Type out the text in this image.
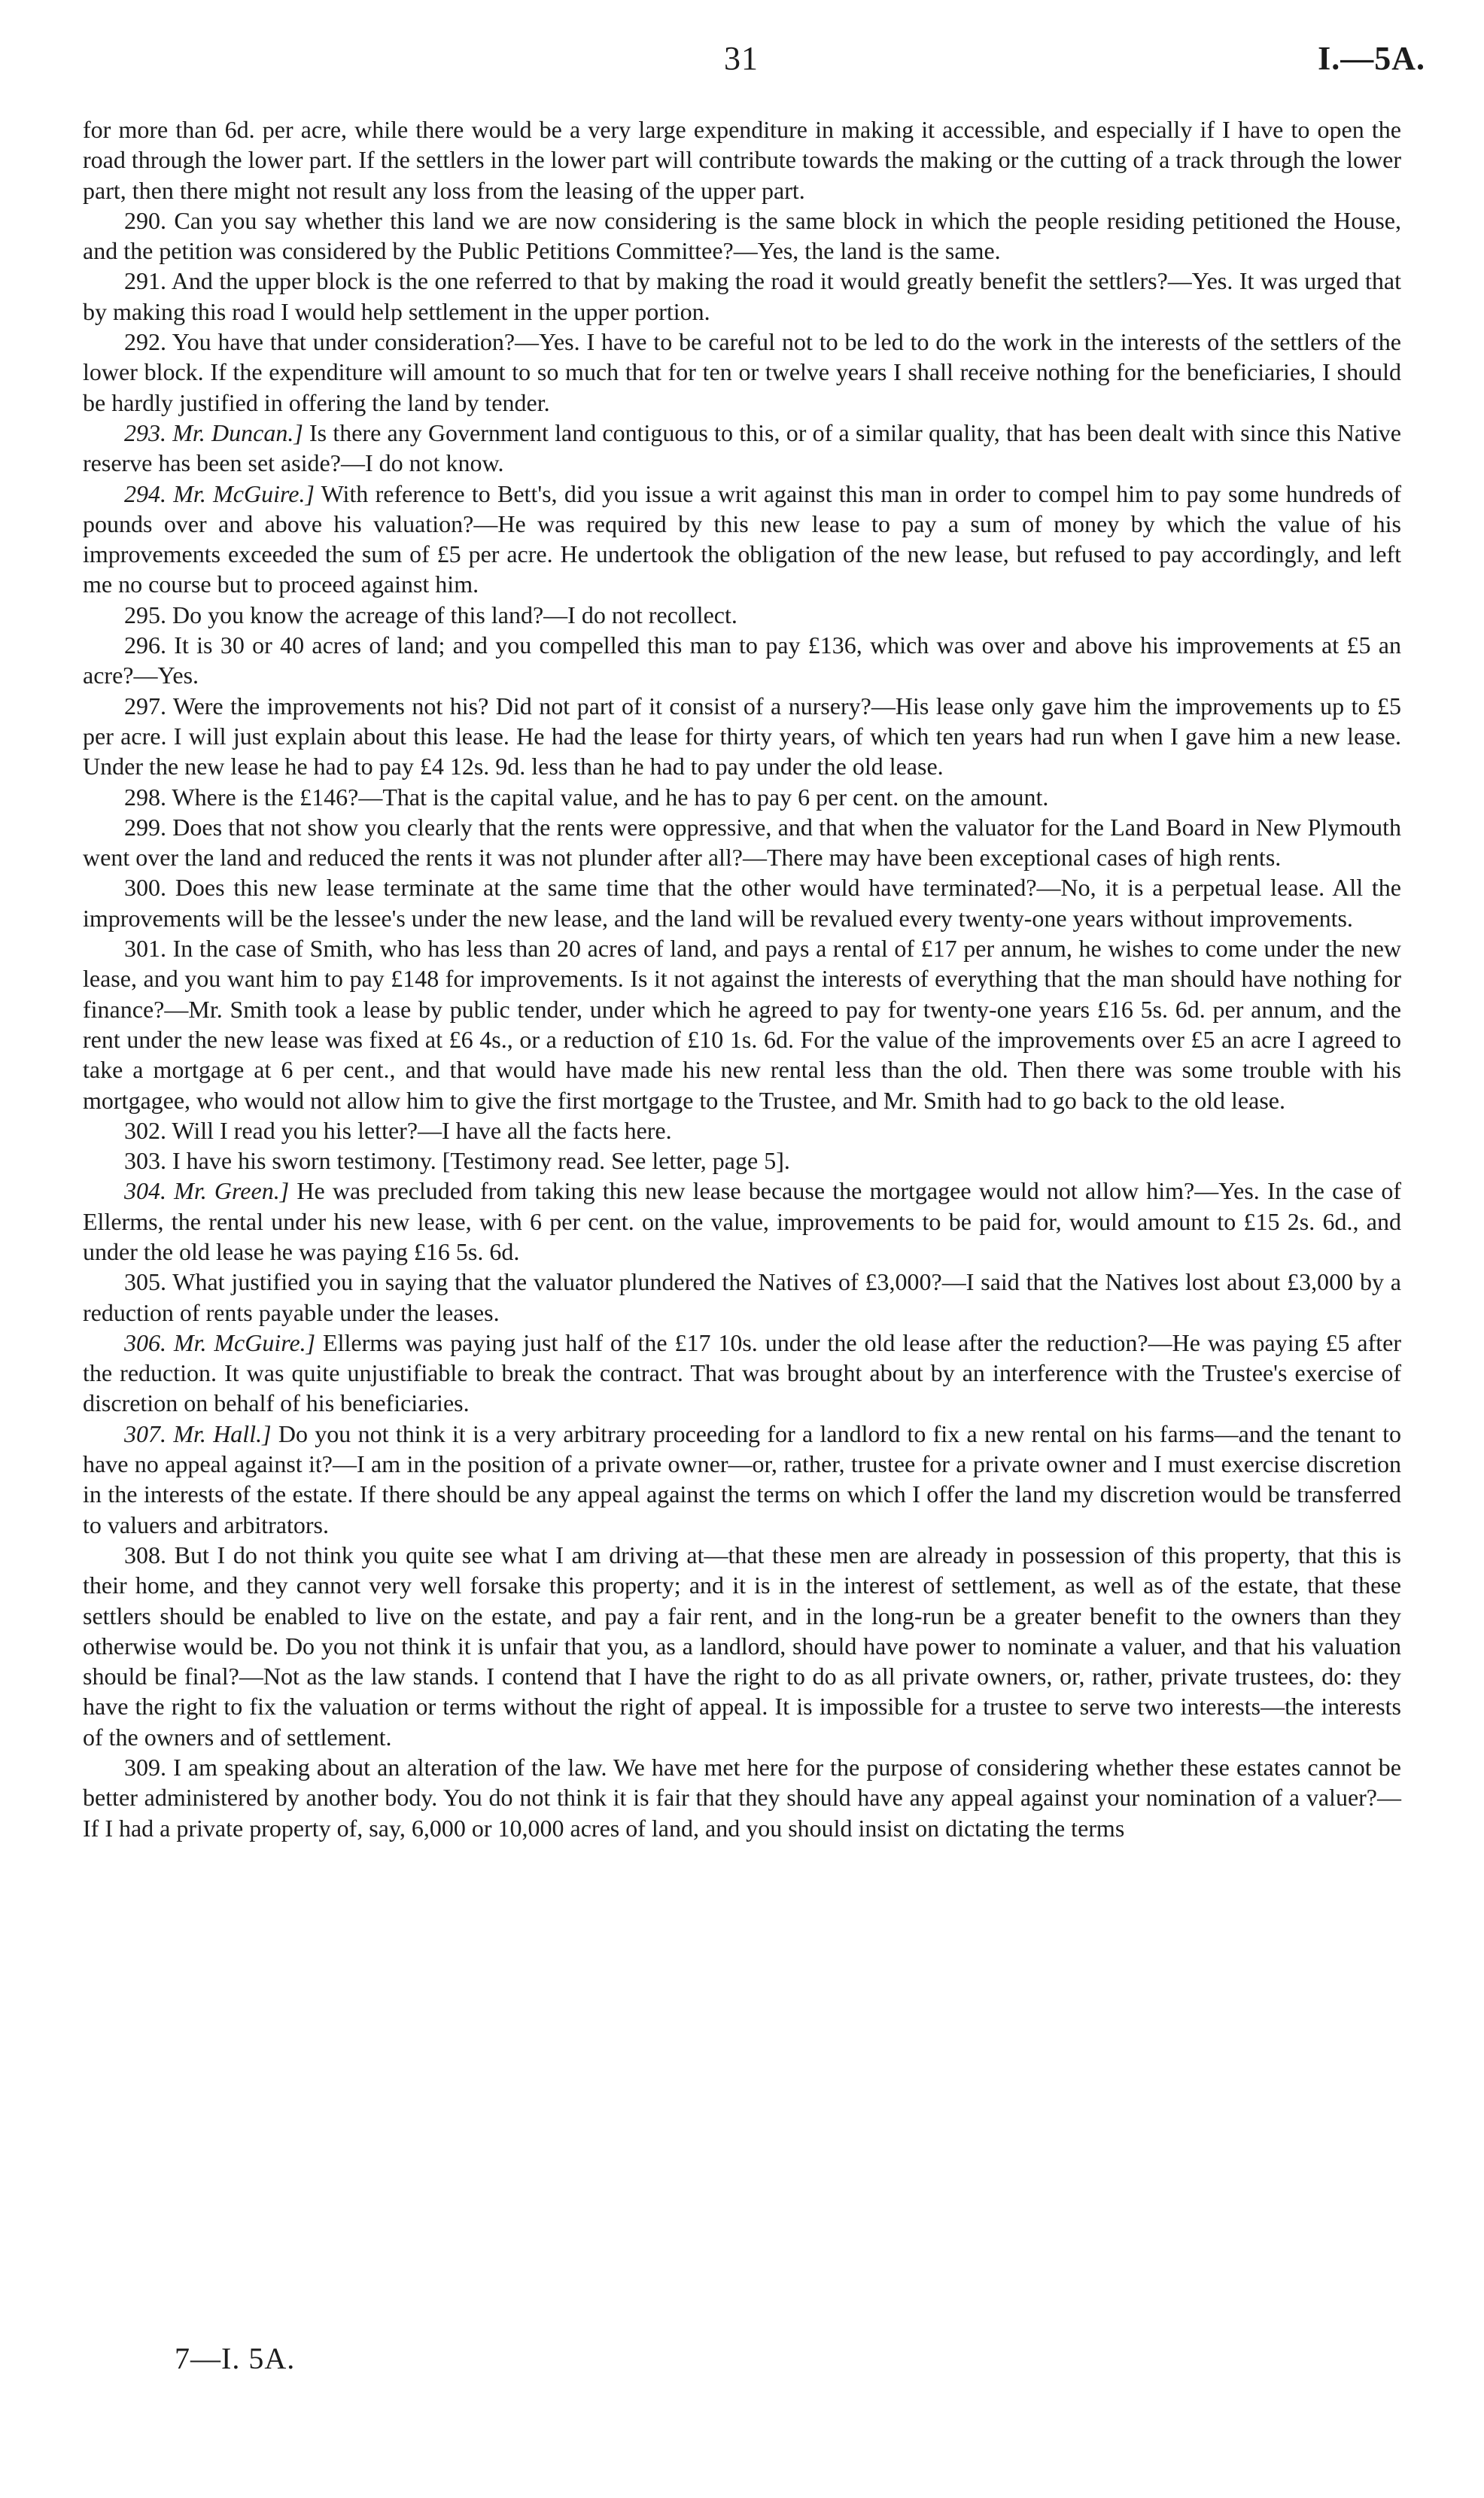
31	I.—5A.

for more than 6d. per acre, while there would be a very large expenditure in making it accessible, and especially if I have to open the road through the lower part. If the settlers in the lower part will contribute towards the making or the cutting of a track through the lower part, then there might not result any loss from the leasing of the upper part.

290. Can you say whether this land we are now considering is the same block in which the people residing petitioned the House, and the petition was considered by the Public Petitions Committee?—Yes, the land is the same.

291. And the upper block is the one referred to that by making the road it would greatly benefit the settlers?—Yes. It was urged that by making this road I would help settlement in the upper portion.

292. You have that under consideration?—Yes. I have to be careful not to be led to do the work in the interests of the settlers of the lower block. If the expenditure will amount to so much that for ten or twelve years I shall receive nothing for the beneficiaries, I should be hardly justified in offering the land by tender.

293. Mr. Duncan.] Is there any Government land contiguous to this, or of a similar quality, that has been dealt with since this Native reserve has been set aside?—I do not know.

294. Mr. McGuire.] With reference to Bett's, did you issue a writ against this man in order to compel him to pay some hundreds of pounds over and above his valuation?—He was required by this new lease to pay a sum of money by which the value of his improvements exceeded the sum of £5 per acre. He undertook the obligation of the new lease, but refused to pay accordingly, and left me no course but to proceed against him.

295. Do you know the acreage of this land?—I do not recollect.

296. It is 30 or 40 acres of land; and you compelled this man to pay £136, which was over and above his improvements at £5 an acre?—Yes.

297. Were the improvements not his? Did not part of it consist of a nursery?—His lease only gave him the improvements up to £5 per acre. I will just explain about this lease. He had the lease for thirty years, of which ten years had run when I gave him a new lease. Under the new lease he had to pay £4 12s. 9d. less than he had to pay under the old lease.

298. Where is the £146?—That is the capital value, and he has to pay 6 per cent. on the amount.

299. Does that not show you clearly that the rents were oppressive, and that when the valuator for the Land Board in New Plymouth went over the land and reduced the rents it was not plunder after all?—There may have been exceptional cases of high rents.

300. Does this new lease terminate at the same time that the other would have terminated?—No, it is a perpetual lease. All the improvements will be the lessee's under the new lease, and the land will be revalued every twenty-one years without improvements.

301. In the case of Smith, who has less than 20 acres of land, and pays a rental of £17 per annum, he wishes to come under the new lease, and you want him to pay £148 for improvements. Is it not against the interests of everything that the man should have nothing for finance?—Mr. Smith took a lease by public tender, under which he agreed to pay for twenty-one years £16 5s. 6d. per annum, and the rent under the new lease was fixed at £6 4s., or a reduction of £10 1s. 6d. For the value of the improvements over £5 an acre I agreed to take a mortgage at 6 per cent., and that would have made his new rental less than the old. Then there was some trouble with his mortgagee, who would not allow him to give the first mortgage to the Trustee, and Mr. Smith had to go back to the old lease.

302. Will I read you his letter?—I have all the facts here.

303. I have his sworn testimony. [Testimony read. See letter, page 5].

304. Mr. Green.] He was precluded from taking this new lease because the mortgagee would not allow him?—Yes. In the case of Ellerms, the rental under his new lease, with 6 per cent. on the value, improvements to be paid for, would amount to £15 2s. 6d., and under the old lease he was paying £16 5s. 6d.

305. What justified you in saying that the valuator plundered the Natives of £3,000?—I said that the Natives lost about £3,000 by a reduction of rents payable under the leases.

306. Mr. McGuire.] Ellerms was paying just half of the £17 10s. under the old lease after the reduction?—He was paying £5 after the reduction. It was quite unjustifiable to break the contract. That was brought about by an interference with the Trustee's exercise of discretion on behalf of his beneficiaries.

307. Mr. Hall.] Do you not think it is a very arbitrary proceeding for a landlord to fix a new rental on his farms—and the tenant to have no appeal against it?—I am in the position of a private owner—or, rather, trustee for a private owner and I must exercise discretion in the interests of the estate. If there should be any appeal against the terms on which I offer the land my discretion would be transferred to valuers and arbitrators.

308. But I do not think you quite see what I am driving at—that these men are already in possession of this property, that this is their home, and they cannot very well forsake this property; and it is in the interest of settlement, as well as of the estate, that these settlers should be enabled to live on the estate, and pay a fair rent, and in the long-run be a greater benefit to the owners than they otherwise would be. Do you not think it is unfair that you, as a landlord, should have power to nominate a valuer, and that his valuation should be final?—Not as the law stands. I contend that I have the right to do as all private owners, or, rather, private trustees, do: they have the right to fix the valuation or terms without the right of appeal. It is impossible for a trustee to serve two interests—the interests of the owners and of settlement.

309. I am speaking about an alteration of the law. We have met here for the purpose of considering whether these estates cannot be better administered by another body. You do not think it is fair that they should have any appeal against your nomination of a valuer?—If I had a private property of, say, 6,000 or 10,000 acres of land, and you should insist on dictating the terms

7—I. 5A.
